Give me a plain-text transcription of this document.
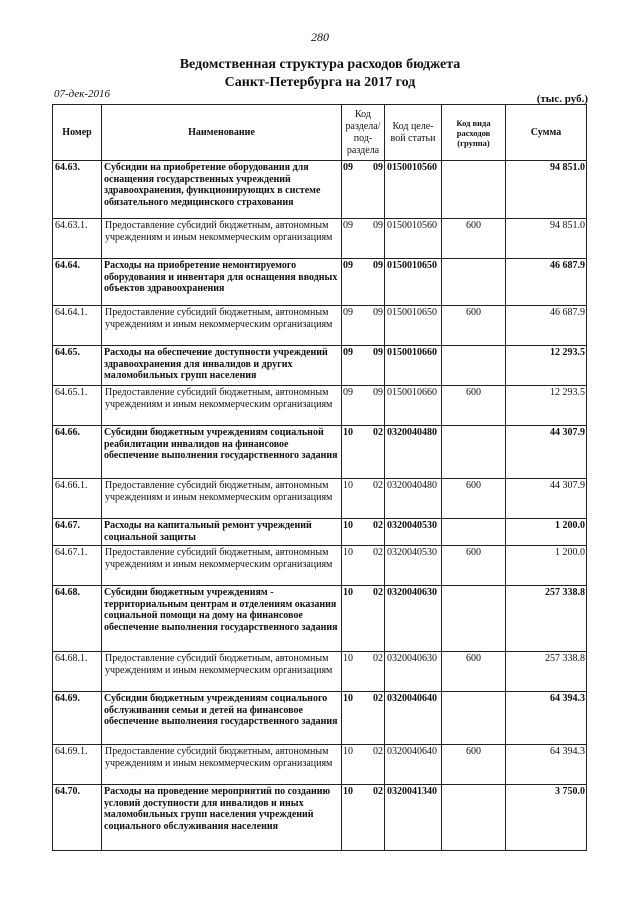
280
Ведомственная структура расходов бюджета
Санкт-Петербурга на 2017 год
07-дек-2016	(тыс. руб.)
Номер	Наименование	Код раздела/ под-раздела	Код целе-вой статьи	Код вида расходов (группа)	Сумма
64.63.	Субсидии на приобретение оборудования для оснащения государственных учреждений здравоохранения, функционирующих в системе обязательного медицинского страхования	09 09	0150010560		94 851.0
64.63.1.	Предоставление субсидий бюджетным, автономным учреждениям и иным некоммерческим организациям	09 09	0150010560	600	94 851.0
64.64.	Расходы на приобретение немонтируемого оборудования и инвентаря для оснащения вводных объектов здравоохранения	09 09	0150010650		46 687.9
64.64.1.	Предоставление субсидий бюджетным, автономным учреждениям и иным некоммерческим организациям	09 09	0150010650	600	46 687.9
64.65.	Расходы на обеспечение доступности учреждений здравоохранения для инвалидов и других маломобильных групп населения	09 09	0150010660		12 293.5
64.65.1.	Предоставление субсидий бюджетным, автономным учреждениям и иным некоммерческим организациям	09 09	0150010660	600	12 293.5
64.66.	Субсидии бюджетным учреждениям социальной реабилитации инвалидов на финансовое обеспечение выполнения государственного задания	10 02	0320040480		44 307.9
64.66.1.	Предоставление субсидий бюджетным, автономным учреждениям и иным некоммерческим организациям	10 02	0320040480	600	44 307.9
64.67.	Расходы на капитальный ремонт учреждений социальной защиты	10 02	0320040530		1 200.0
64.67.1.	Предоставление субсидий бюджетным, автономным учреждениям и иным некоммерческим организациям	10 02	0320040530	600	1 200.0
64.68.	Субсидии бюджетным учреждениям - территориальным центрам и отделениям оказания социальной помощи на дому на финансовое обеспечение выполнения государственного задания	10 02	0320040630		257 338.8
64.68.1.	Предоставление субсидий бюджетным, автономным учреждениям и иным некоммерческим организациям	10 02	0320040630	600	257 338.8
64.69.	Субсидии бюджетным учреждениям социального обслуживания семьи и детей на финансовое обеспечение выполнения государственного задания	10 02	0320040640		64 394.3
64.69.1.	Предоставление субсидий бюджетным, автономным учреждениям и иным некоммерческим организациям	10 02	0320040640	600	64 394.3
64.70.	Расходы на проведение мероприятий по созданию условий доступности для инвалидов и иных маломобильных групп населения учреждений социального обслуживания населения	10 02	0320041340		3 750.0
